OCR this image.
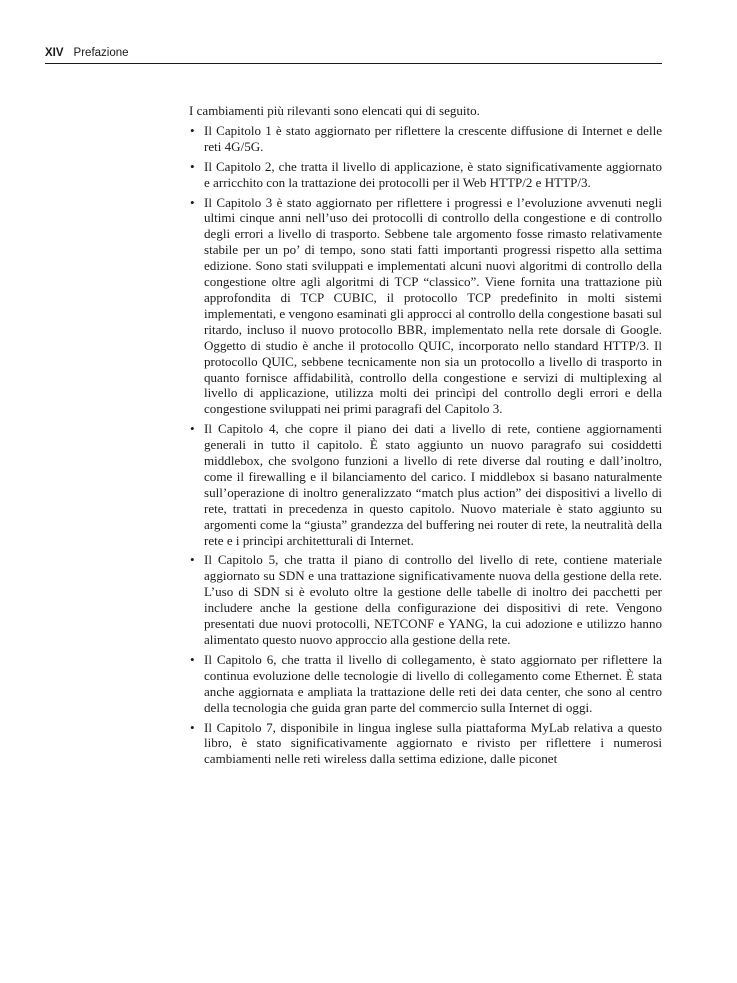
XIV Prefazione

I cambiamenti più rilevanti sono elencati qui di seguito.

• Il Capitolo 1 è stato aggiornato per riflettere la crescente diffusione di Internet e delle reti 4G/5G.
• Il Capitolo 2, che tratta il livello di applicazione, è stato significativamente aggiornato e arricchito con la trattazione dei protocolli per il Web HTTP/2 e HTTP/3.
• Il Capitolo 3 è stato aggiornato per riflettere i progressi e l’evoluzione avvenuti negli ultimi cinque anni nell’uso dei protocolli di controllo della congestione e di controllo degli errori a livello di trasporto. Sebbene tale argomento fosse rimasto relativamente stabile per un po’ di tempo, sono stati fatti importanti progressi rispetto alla settima edizione. Sono stati sviluppati e implementati alcuni nuovi algoritmi di controllo della congestione oltre agli algoritmi di TCP “classico”. Viene fornita una trattazione più approfondita di TCP CUBIC, il protocollo TCP predefinito in molti sistemi implementati, e vengono esaminati gli approcci al controllo della congestione basati sul ritardo, incluso il nuovo protocollo BBR, implementato nella rete dorsale di Google. Oggetto di studio è anche il protocollo QUIC, incorporato nello standard HTTP/3. Il protocollo QUIC, sebbene tecnicamente non sia un protocollo a livello di trasporto in quanto fornisce affidabilità, controllo della congestione e servizi di multiplexing al livello di applicazione, utilizza molti dei princìpi del controllo degli errori e della congestione sviluppati nei primi paragrafi del Capitolo 3.
• Il Capitolo 4, che copre il piano dei dati a livello di rete, contiene aggiornamenti generali in tutto il capitolo. È stato aggiunto un nuovo paragrafo sui cosiddetti middlebox, che svolgono funzioni a livello di rete diverse dal routing e dall’inoltro, come il firewalling e il bilanciamento del carico. I middlebox si basano naturalmente sull’operazione di inoltro generalizzato “match plus action” dei dispositivi a livello di rete, trattati in precedenza in questo capitolo. Nuovo materiale è stato aggiunto su argomenti come la “giusta” grandezza del buffering nei router di rete, la neutralità della rete e i princìpi architetturali di Internet.
• Il Capitolo 5, che tratta il piano di controllo del livello di rete, contiene materiale aggiornato su SDN e una trattazione significativamente nuova della gestione della rete. L’uso di SDN si è evoluto oltre la gestione delle tabelle di inoltro dei pacchetti per includere anche la gestione della configurazione dei dispositivi di rete. Vengono presentati due nuovi protocolli, NETCONF e YANG, la cui adozione e utilizzo hanno alimentato questo nuovo approccio alla gestione della rete.
• Il Capitolo 6, che tratta il livello di collegamento, è stato aggiornato per riflettere la continua evoluzione delle tecnologie di livello di collegamento come Ethernet. È stata anche aggiornata e ampliata la trattazione delle reti dei data center, che sono al centro della tecnologia che guida gran parte del commercio sulla Internet di oggi.
• Il Capitolo 7, disponibile in lingua inglese sulla piattaforma MyLab relativa a questo libro, è stato significativamente aggiornato e rivisto per riflettere i numerosi cambiamenti nelle reti wireless dalla settima edizione, dalle piconet
